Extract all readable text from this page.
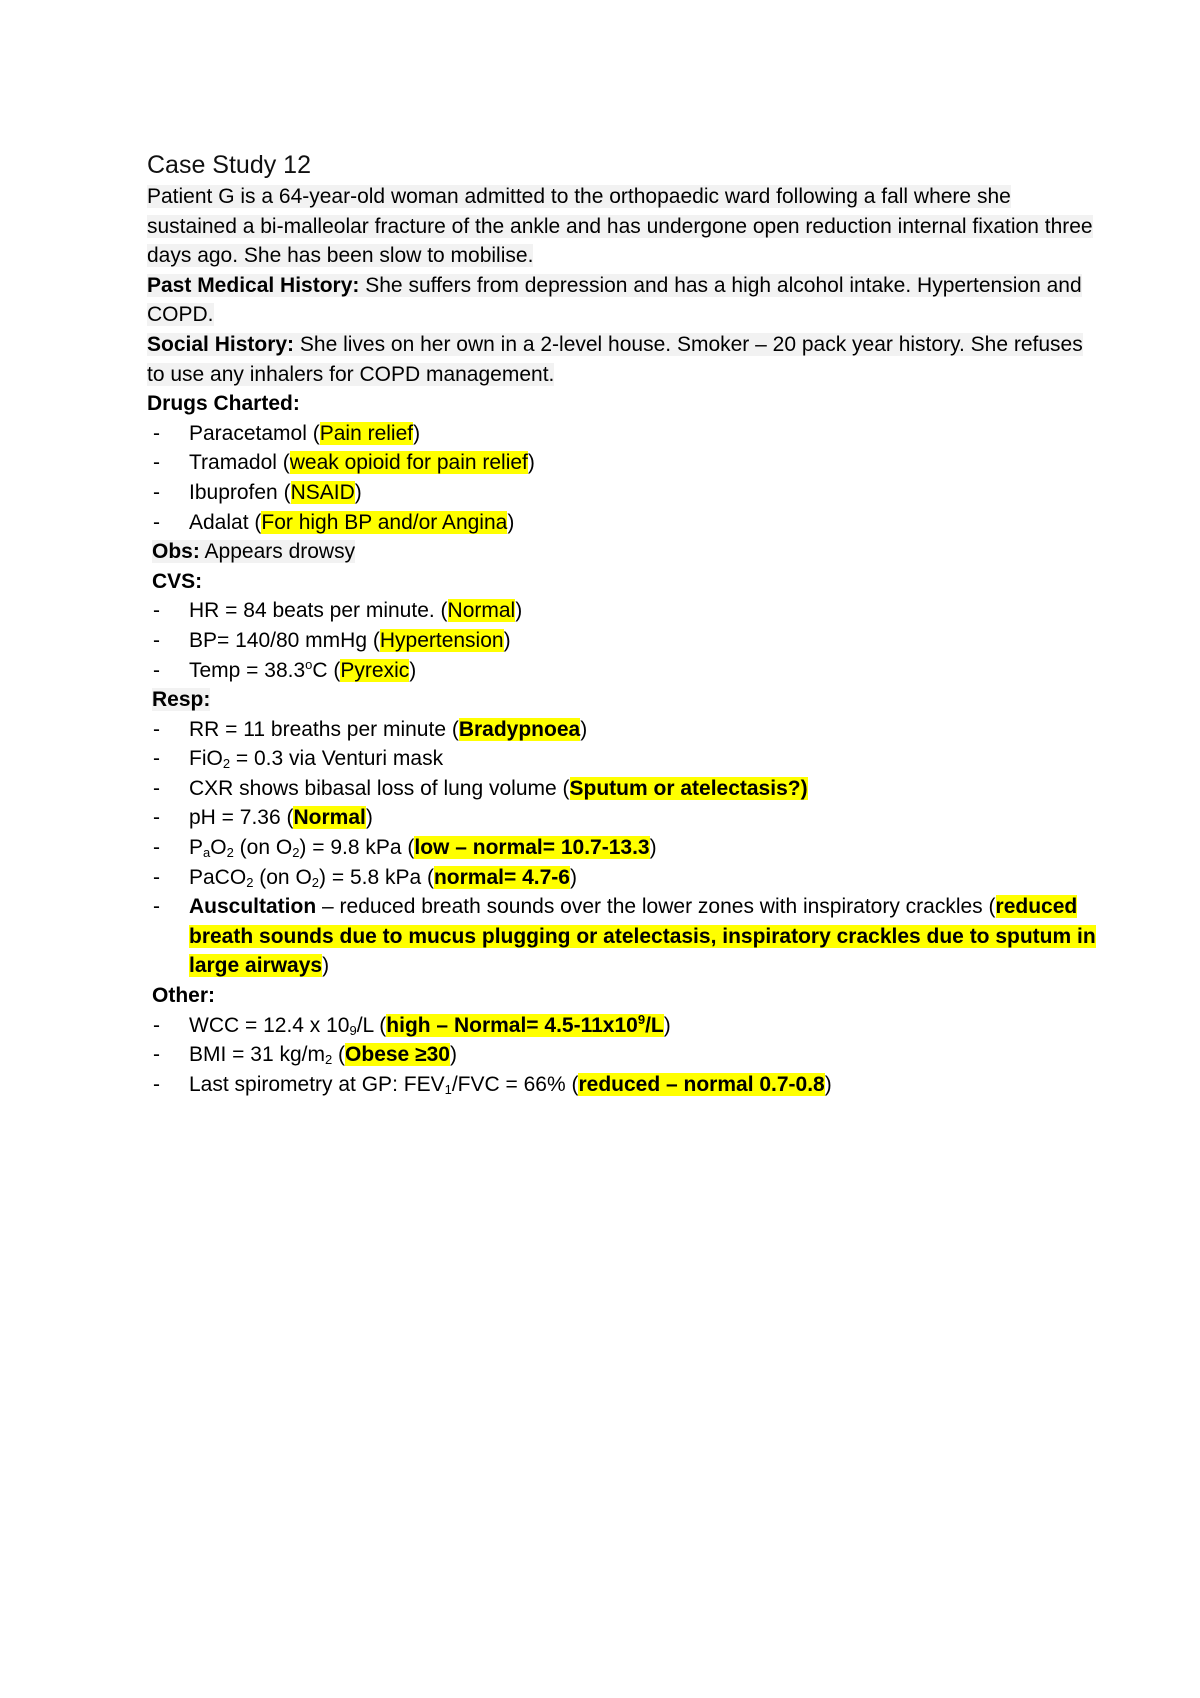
Case Study 12

Patient G is a 64-year-old woman admitted to the orthopaedic ward following a fall where she sustained a bi-malleolar fracture of the ankle and has undergone open reduction internal fixation three days ago. She has been slow to mobilise.

Past Medical History: She suffers from depression and has a high alcohol intake. Hypertension and COPD.

Social History: She lives on her own in a 2-level house. Smoker – 20 pack year history. She refuses to use any inhalers for COPD management.

Drugs Charted:

- Paracetamol (Pain relief)
- Tramadol (weak opioid for pain relief)
- Ibuprofen (NSAID)
- Adalat (For high BP and/or Angina)

Obs: Appears drowsy

CVS:

- HR = 84 beats per minute. (Normal)
- BP= 140/80 mmHg (Hypertension)
- Temp = $38.3^oC$ (Pyrexic)

Resp:

- RR = 11 breaths per minute (Bradypnoea)
- FiO$_2$ = 0.3 via Venturi mask
- CXR shows bibasal loss of lung volume (Sputum or atelectasis?)
- pH = 7.36 (Normal)
- $P_aO_2$ (on $O_2) = 9.8$ kPa (low – normal= 10.7-13.3)
- PaCO$_2$ (on $O_2) = 5.8$ kPa (normal= 4.7-6)
- Auscultation – reduced breath sounds over the lower zones with inspiratory crackles (reduced breath sounds due to mucus plugging or atelectasis, inspiratory crackles due to sputum in large airways)

Other:

- WCC = 12.4 x $10_9/L$ (high – Normal= $4.5-11x10^9/L$)
- BMI = 31 $kg/m_2$ (Obese ≥30)
- Last spirometry at GP: $FEV_1$/FVC = 66% (reduced – normal 0.7-0.8)
